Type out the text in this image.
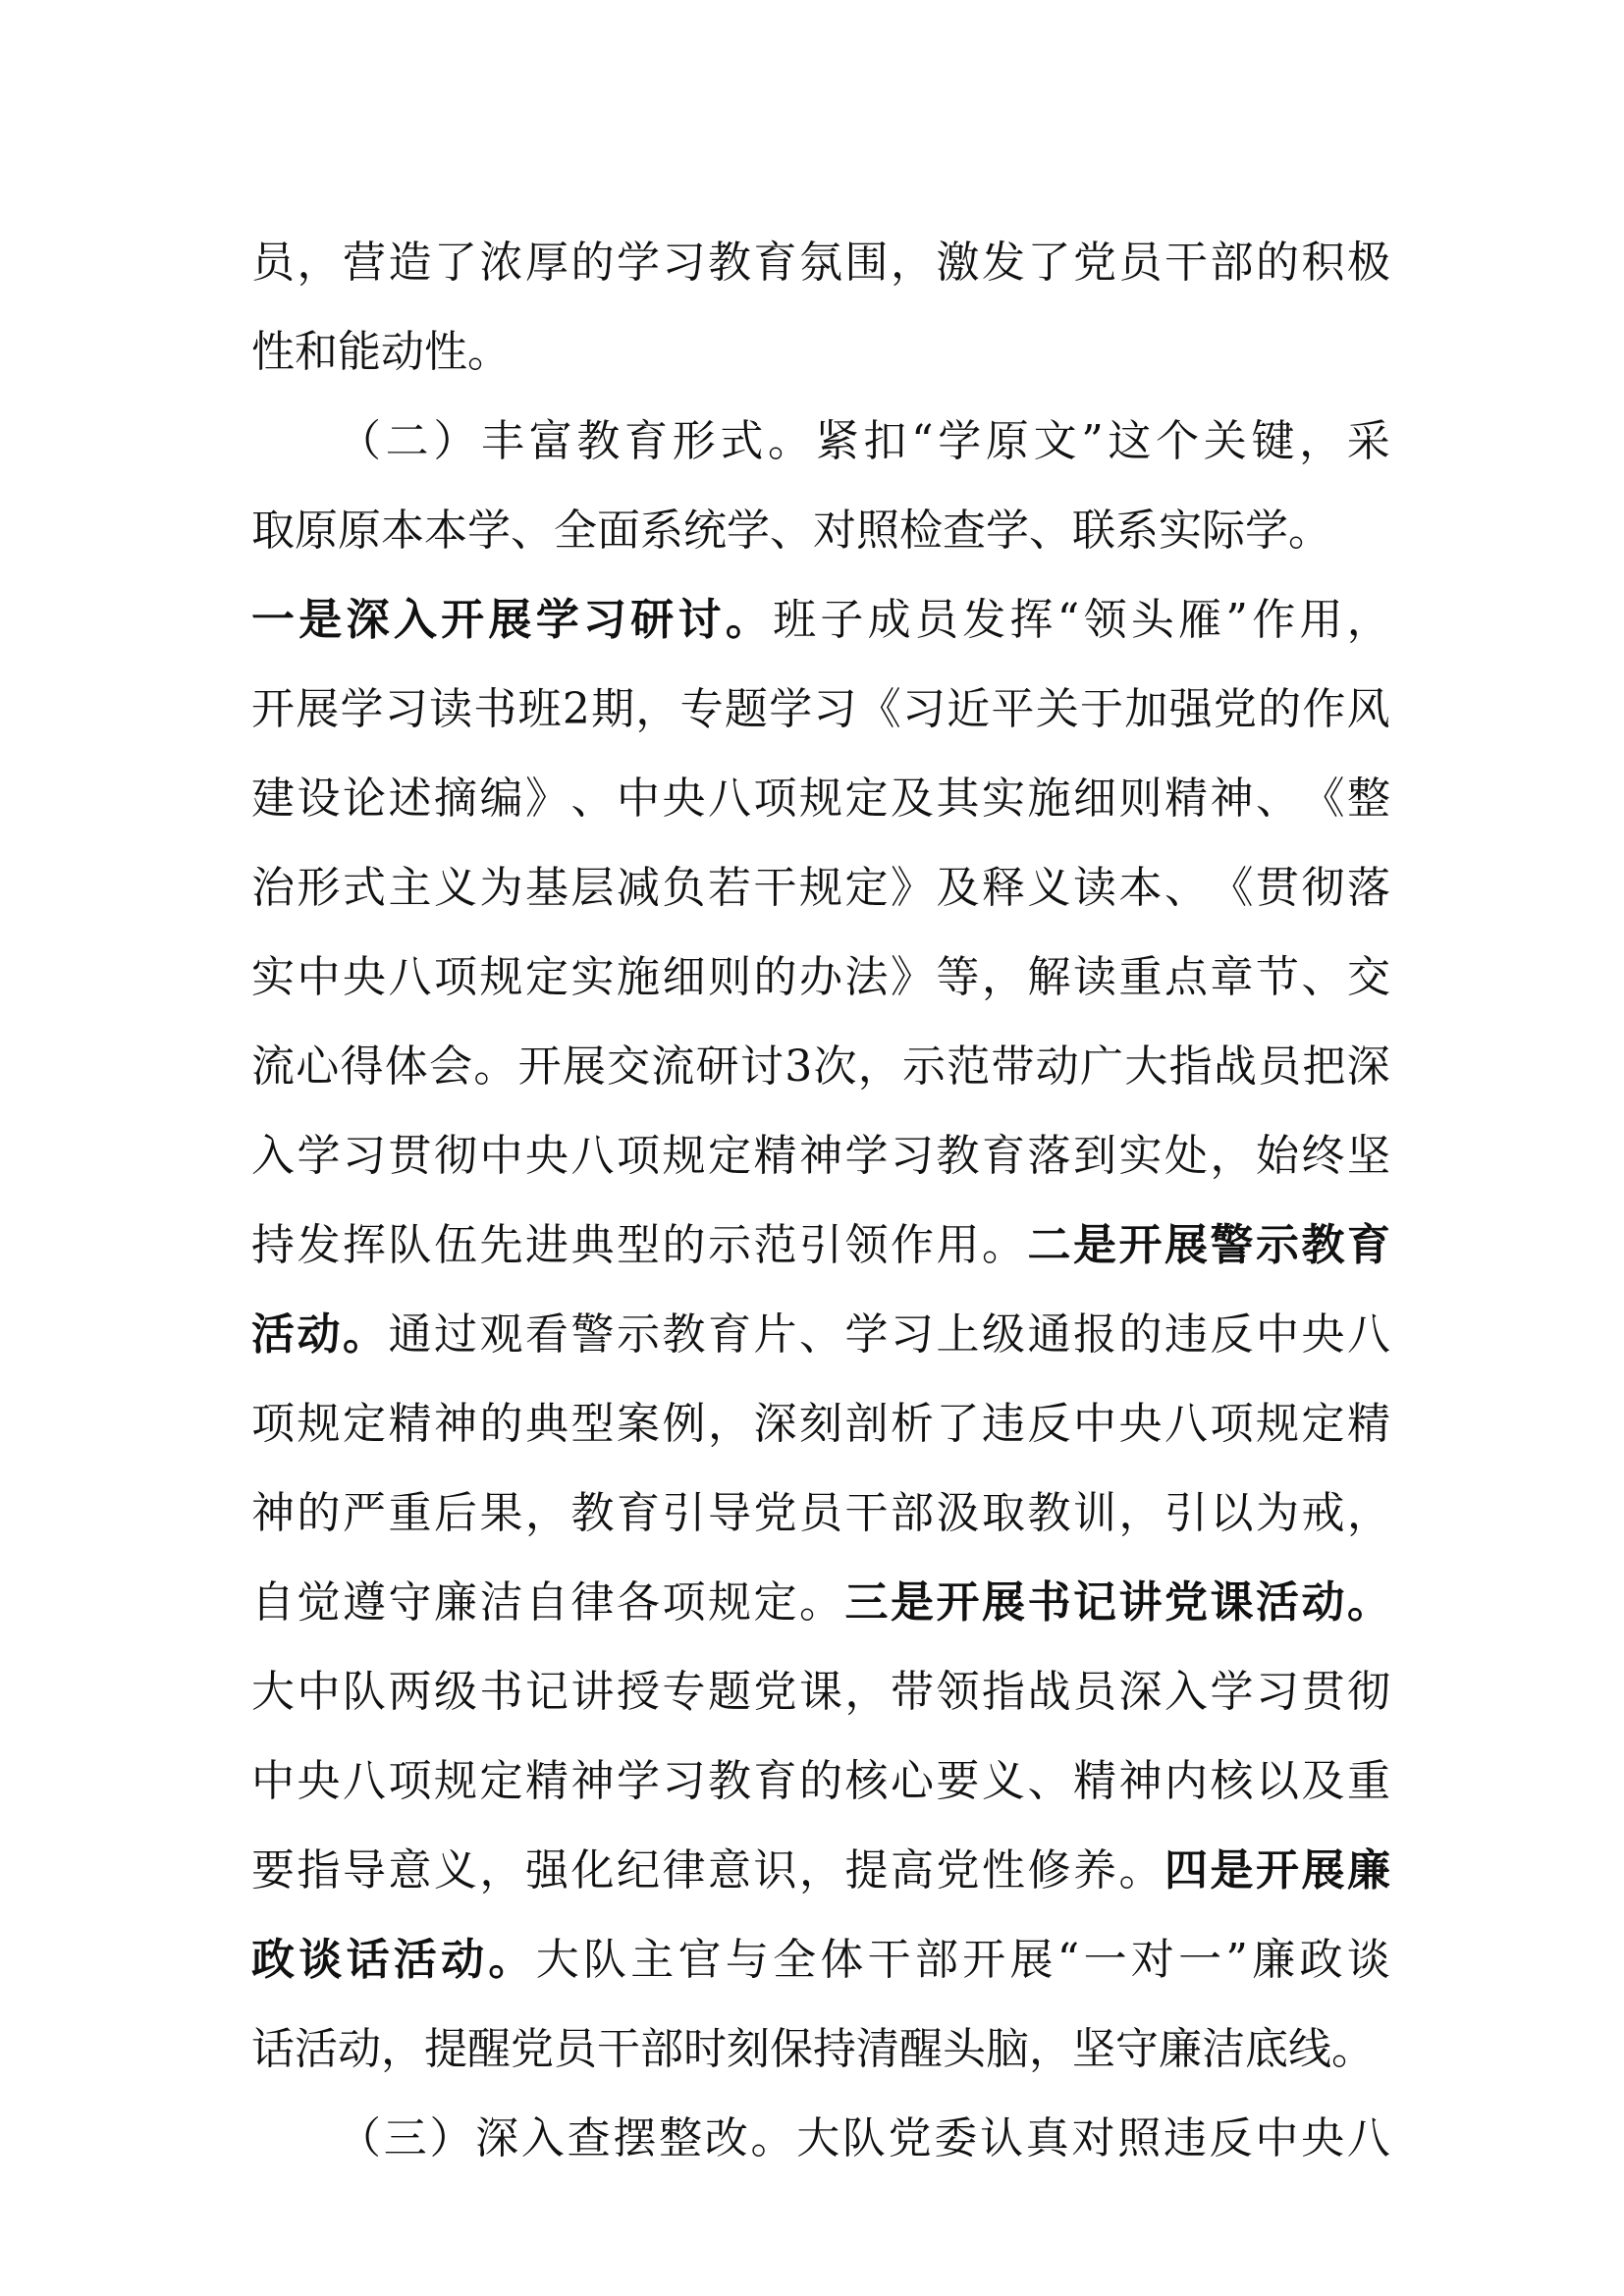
员 ， 营 造 了 浓 厚 的 学 习 教 育 氛 围 ， 激 发 了 党 员 干 部 的 积 极
性 和 能 动 性 。
（ 二 ） 丰 富 教 育 形 式 。 紧 扣 “ 学 原 文 ” 这 个 关 键 ， 采
取 原 原 本 本 学 、 全 面 系 统 学 、 对 照 检 查 学 、 联 系 实 际 学 。
一 是 深 入 开 展 学 习 研 讨 。 班 子 成 员 发 挥 “ 领 头 雁 ” 作 用 ，
开 展 学 习 读 书 班 2 期 ， 专 题 学 习 《 习 近 平 关 于 加 强 党 的 作 风
建 设 论 述 摘 编 》 、 中 央 八 项 规 定 及 其 实 施 细 则 精 神 、 《 整
治 形 式 主 义 为 基 层 减 负 若 干 规 定 》 及 释 义 读 本 、 《 贯 彻 落
实 中 央 八 项 规 定 实 施 细 则 的 办 法 》 等 ， 解 读 重 点 章 节 、 交
流 心 得 体 会 。 开 展 交 流 研 讨 3 次 ， 示 范 带 动 广 大 指 战 员 把 深
入 学 习 贯 彻 中 央 八 项 规 定 精 神 学 习 教 育 落 到 实 处 ， 始 终 坚
持 发 挥 队 伍 先 进 典 型 的 示 范 引 领 作 用 。 二 是 开 展 警 示 教 育
活 动 。 通 过 观 看 警 示 教 育 片 、 学 习 上 级 通 报 的 违 反 中 央 八
项 规 定 精 神 的 典 型 案 例 ， 深 刻 剖 析 了 违 反 中 央 八 项 规 定 精
神 的 严 重 后 果 ， 教 育 引 导 党 员 干 部 汲 取 教 训 ， 引 以 为 戒 ，
自 觉 遵 守 廉 洁 自 律 各 项 规 定 。 三 是 开 展 书 记 讲 党 课 活 动 。
大 中 队 两 级 书 记 讲 授 专 题 党 课 ， 带 领 指 战 员 深 入 学 习 贯 彻
中 央 八 项 规 定 精 神 学 习 教 育 的 核 心 要 义 、 精 神 内 核 以 及 重
要 指 导 意 义 ， 强 化 纪 律 意 识 ， 提 高 党 性 修 养 。 四 是 开 展 廉
政 谈 话 活 动 。 大 队 主 官 与 全 体 干 部 开 展 “ 一 对 一 ” 廉 政 谈
话 活 动 ， 提 醒 党 员 干 部 时 刻 保 持 清 醒 头 脑 ， 坚 守 廉 洁 底 线 。
（ 三 ） 深 入 查 摆 整 改 。 大 队 党 委 认 真 对 照 违 反 中 央 八
